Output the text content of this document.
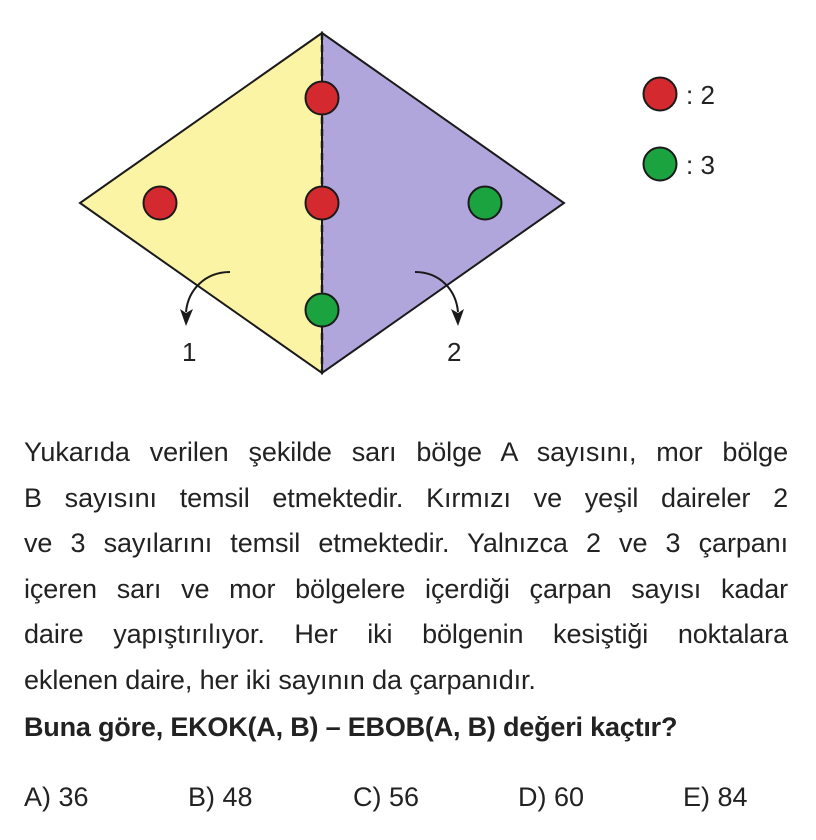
: 2
: 3
1	2
Yukarıda verilen şekilde sarı bölge A sayısını, mor bölge
B sayısını temsil etmektedir. Kırmızı ve yeşil daireler 2
ve 3 sayılarını temsil etmektedir. Yalnızca 2 ve 3 çarpanı
içeren sarı ve mor bölgelere içerdiği çarpan sayısı kadar
daire yapıştırılıyor. Her iki bölgenin kesiştiği noktalara
eklenen daire, her iki sayının da çarpanıdır.
Buna göre, EKOK(A, B) – EBOB(A, B) değeri kaçtır?
A) 36	B) 48	C) 56	D) 60	E) 84
